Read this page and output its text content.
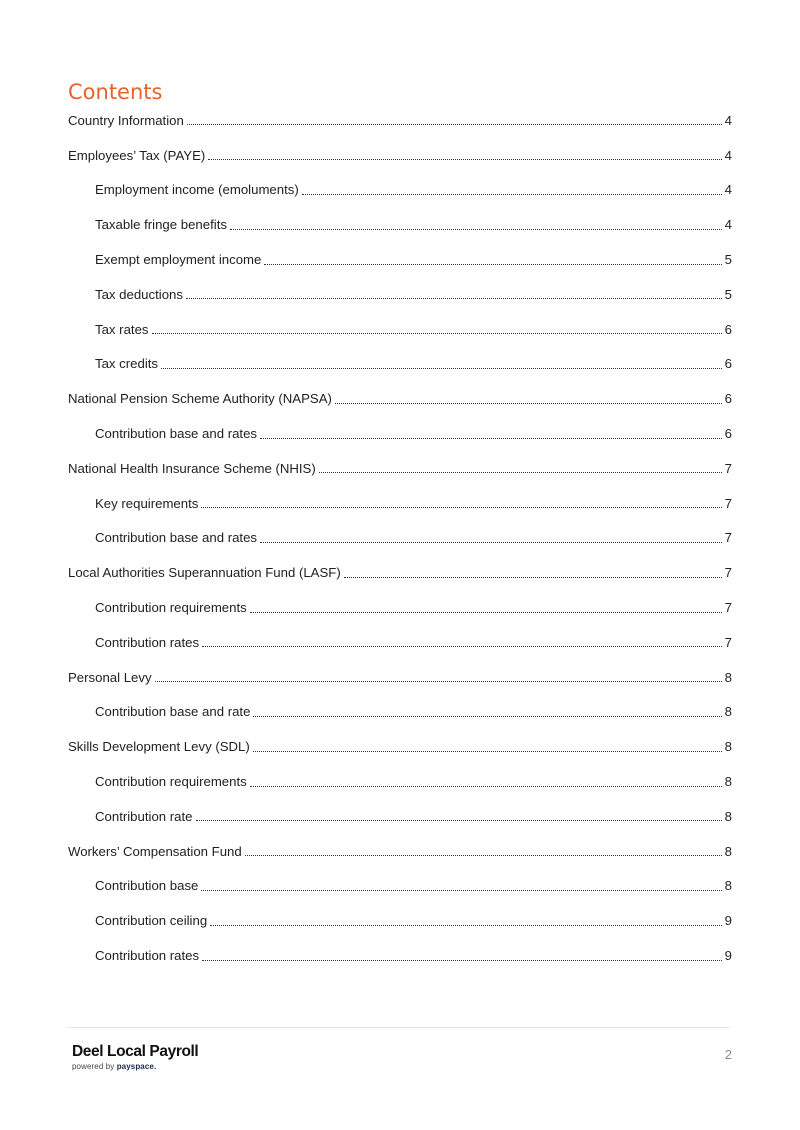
Contents
Country Information	4
Employees’ Tax (PAYE)	4
Employment income (emoluments)	4
Taxable fringe benefits	4
Exempt employment income	5
Tax deductions	5
Tax rates	6
Tax credits	6
National Pension Scheme Authority (NAPSA)	6
Contribution base and rates	6
National Health Insurance Scheme (NHIS)	7
Key requirements	7
Contribution base and rates	7
Local Authorities Superannuation Fund (LASF)	7
Contribution requirements	7
Contribution rates	7
Personal Levy	8
Contribution base and rate	8
Skills Development Levy (SDL)	8
Contribution requirements	8
Contribution rate	8
Workers’ Compensation Fund	8
Contribution base	8
Contribution ceiling	9
Contribution rates	9
Deel Local Payroll
powered by payspace.
2
